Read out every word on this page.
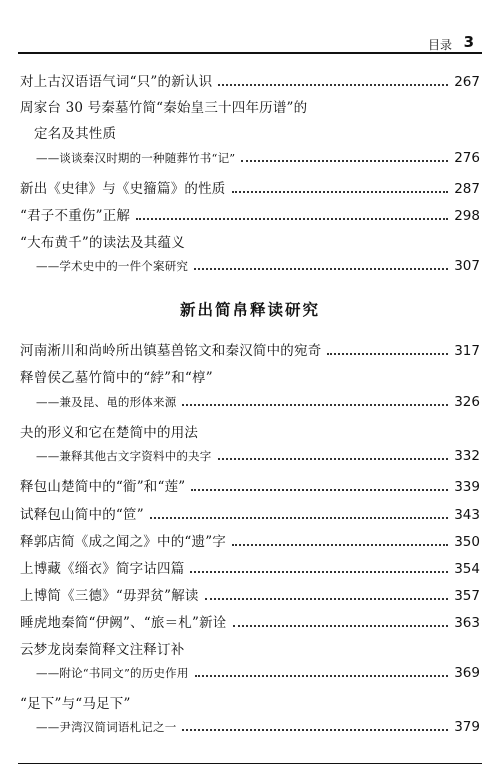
目录 3
对上古汉语语气词“只”的新认识	267
周家台 30 号秦墓竹简“秦始皇三十四年历谱”的
定名及其性质
——谈谈秦汉时期的一种随葬竹书“记”	276
新出《史律》与《史籀篇》的性质	287
“君子不重伤”正解	298
“大布黄千”的读法及其蕴义
——学术史中的一件个案研究	307
河南淅川和尚岭所出镇墓兽铭文和秦汉简中的宛奇	317
释曾侯乙墓竹简中的“綍”和“椁”
——兼及昆、黾的形体来源	326
夬的形义和它在楚简中的用法
——兼释其他古文字资料中的夬字	332
释包山楚简中的“衜”和“莲”	339
试释包山简中的“笸”	343
释郭店简《成之闻之》中的“遗”字	350
上博藏《缁衣》简字诂四篇	354
上博简《三德》“毋羿贫”解读	357
睡虎地秦简“伊阙”、“旅＝札”新诠	363
云梦龙岗秦简释文注释订补
——附论“书同文”的历史作用	369
“足下”与“马足下”
——尹湾汉简词语札记之一	379
新出简帛释读研究
